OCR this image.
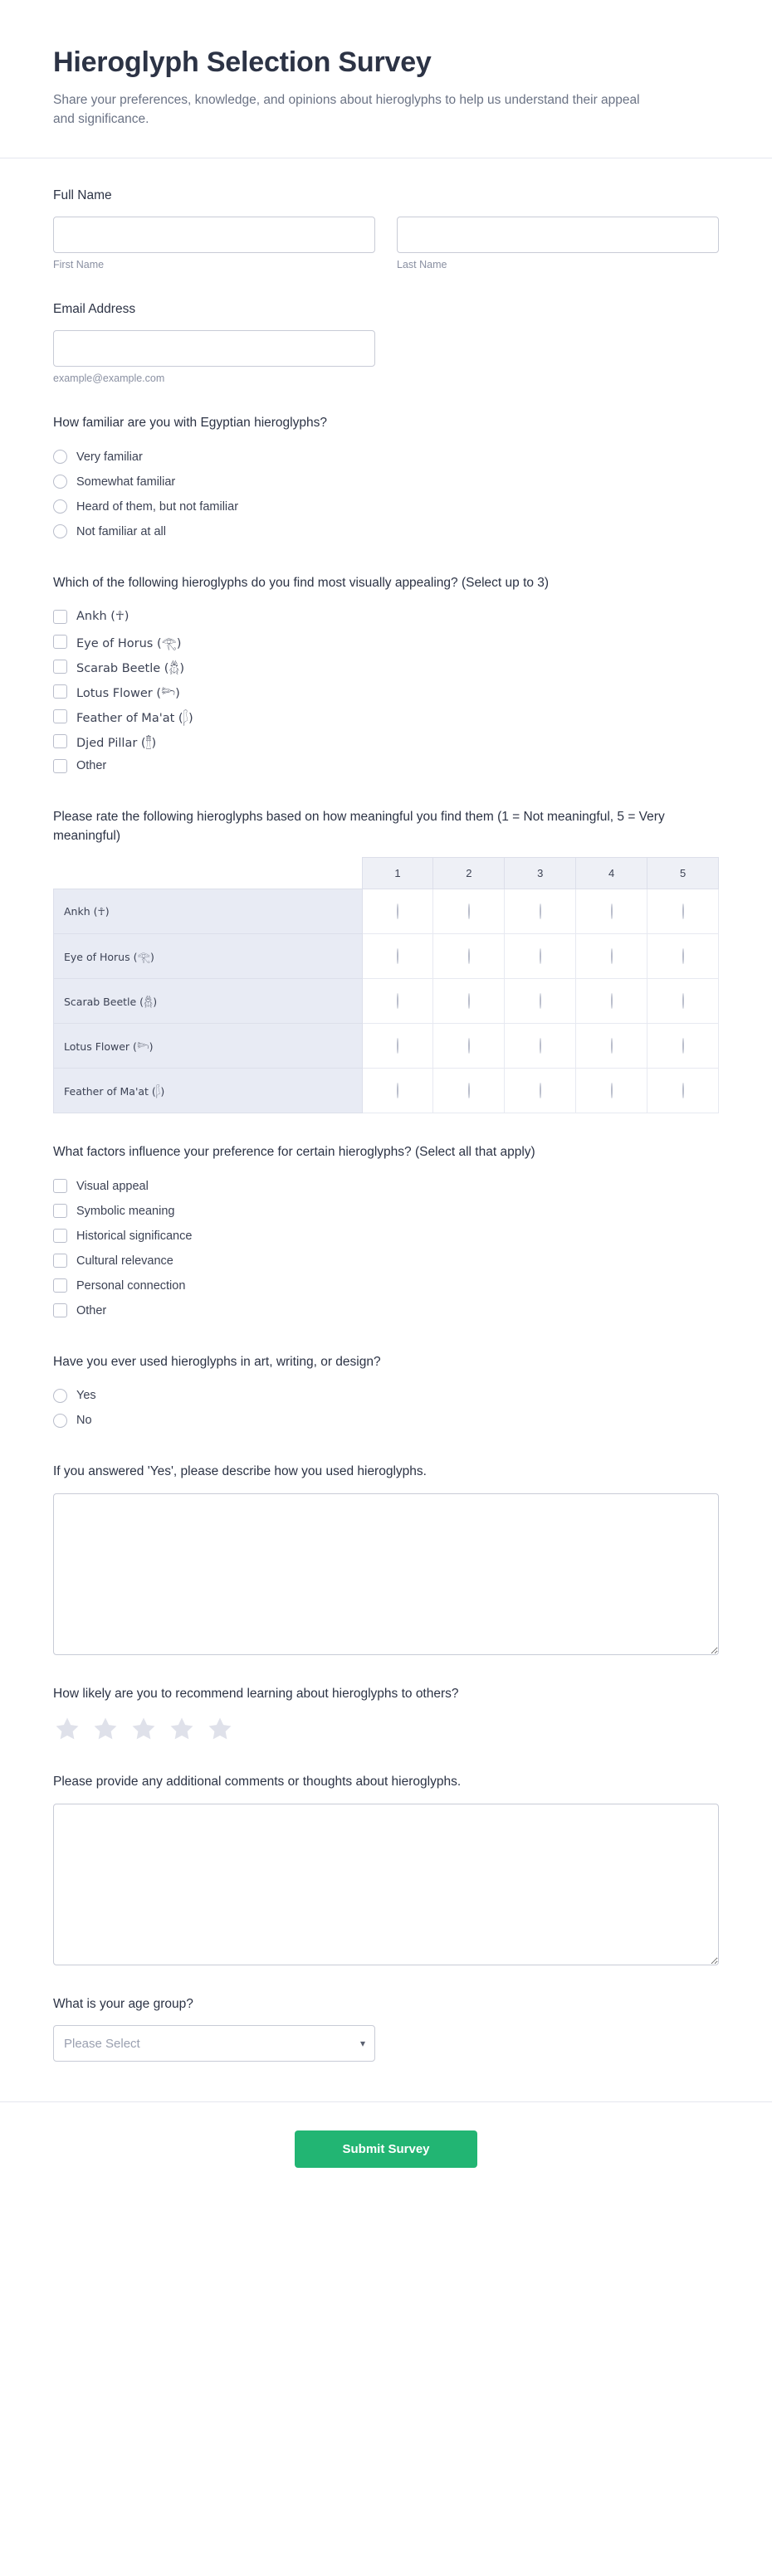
Hieroglyph Selection Survey

Share your preferences, knowledge, and opinions about hieroglyphs to help us understand their appeal and significance.

Full Name
First Name	Last Name
Email Address
example@example.com
How familiar are you with Egyptian hieroglyphs?
Very familiar
Somewhat familiar
Heard of them, but not familiar
Not familiar at all
Which of the following hieroglyphs do you find most visually appealing? (Select up to 3)
Ankh (☥)
Eye of Horus (𓂀)
Scarab Beetle (𓆣)
Lotus Flower (𓆸)
Feather of Ma'at (𓆄)
Djed Pillar (𓊽)
Other
Please rate the following hieroglyphs based on how meaningful you find them (1 = Not meaningful, 5 = Very meaningful)
	1	2	3	4	5
Ankh (☥)					
Eye of Horus (𓂀)					
Scarab Beetle (𓆣)					
Lotus Flower (𓆸)					
Feather of Ma'at (𓆄)					
What factors influence your preference for certain hieroglyphs? (Select all that apply)
Visual appeal
Symbolic meaning
Historical significance
Cultural relevance
Personal connection
Other
Have you ever used hieroglyphs in art, writing, or design?
Yes
No
If you answered 'Yes', please describe how you used hieroglyphs.
How likely are you to recommend learning about hieroglyphs to others?
Please provide any additional comments or thoughts about hieroglyphs.
What is your age group?
Please Select
▾
Submit Survey
